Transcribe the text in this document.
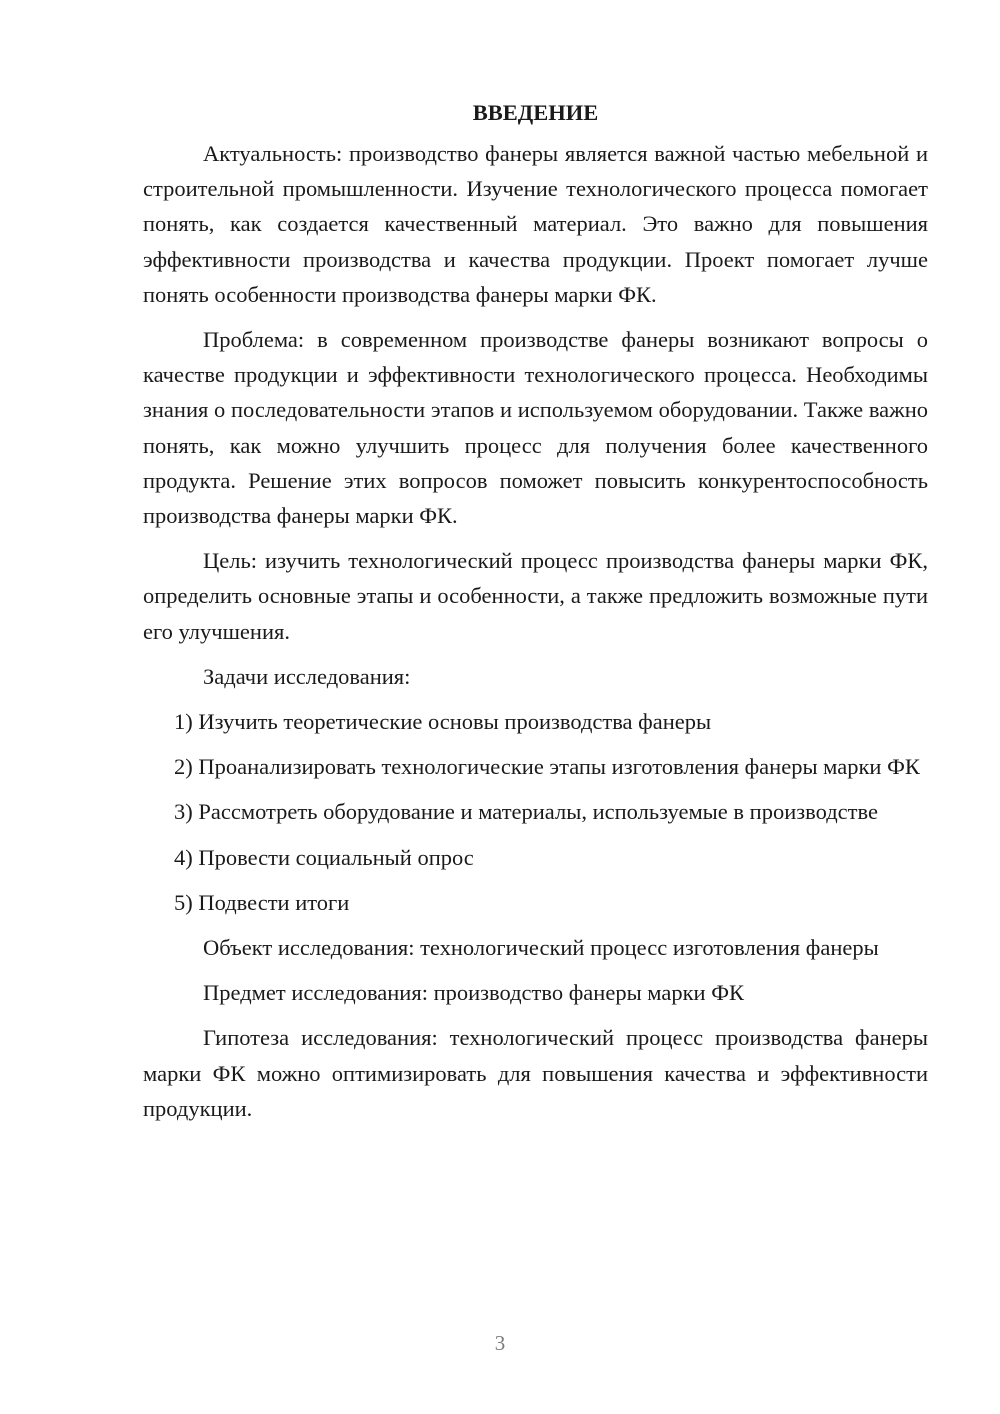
ВВЕДЕНИЕ

Актуальность: производство фанеры является важной частью мебельной и строительной промышленности. Изучение технологического процесса помогает понять, как создается качественный материал. Это важно для повышения эффективности производства и качества продукции. Проект помогает лучше понять особенности производства фанеры марки ФК.

Проблема: в современном производстве фанеры возникают вопросы о качестве продукции и эффективности технологического процесса. Необходимы знания о последовательности этапов и используемом оборудовании. Также важно понять, как можно улучшить процесс для получения более качественного продукта. Решение этих вопросов поможет повысить конкурентоспособность производства фанеры марки ФК.

Цель: изучить технологический процесс производства фанеры марки ФК, определить основные этапы и особенности, а также предложить возможные пути его улучшения.

Задачи исследования:

1) Изучить теоретические основы производства фанеры

2) Проанализировать технологические этапы изготовления фанеры марки ФК

3) Рассмотреть оборудование и материалы, используемые в производстве

4) Провести социальный опрос

5) Подвести итоги

Объект исследования: технологический процесс изготовления фанеры

Предмет исследования: производство фанеры марки ФК

Гипотеза исследования: технологический процесс производства фанеры марки ФК можно оптимизировать для повышения качества и эффективности продукции.

3
